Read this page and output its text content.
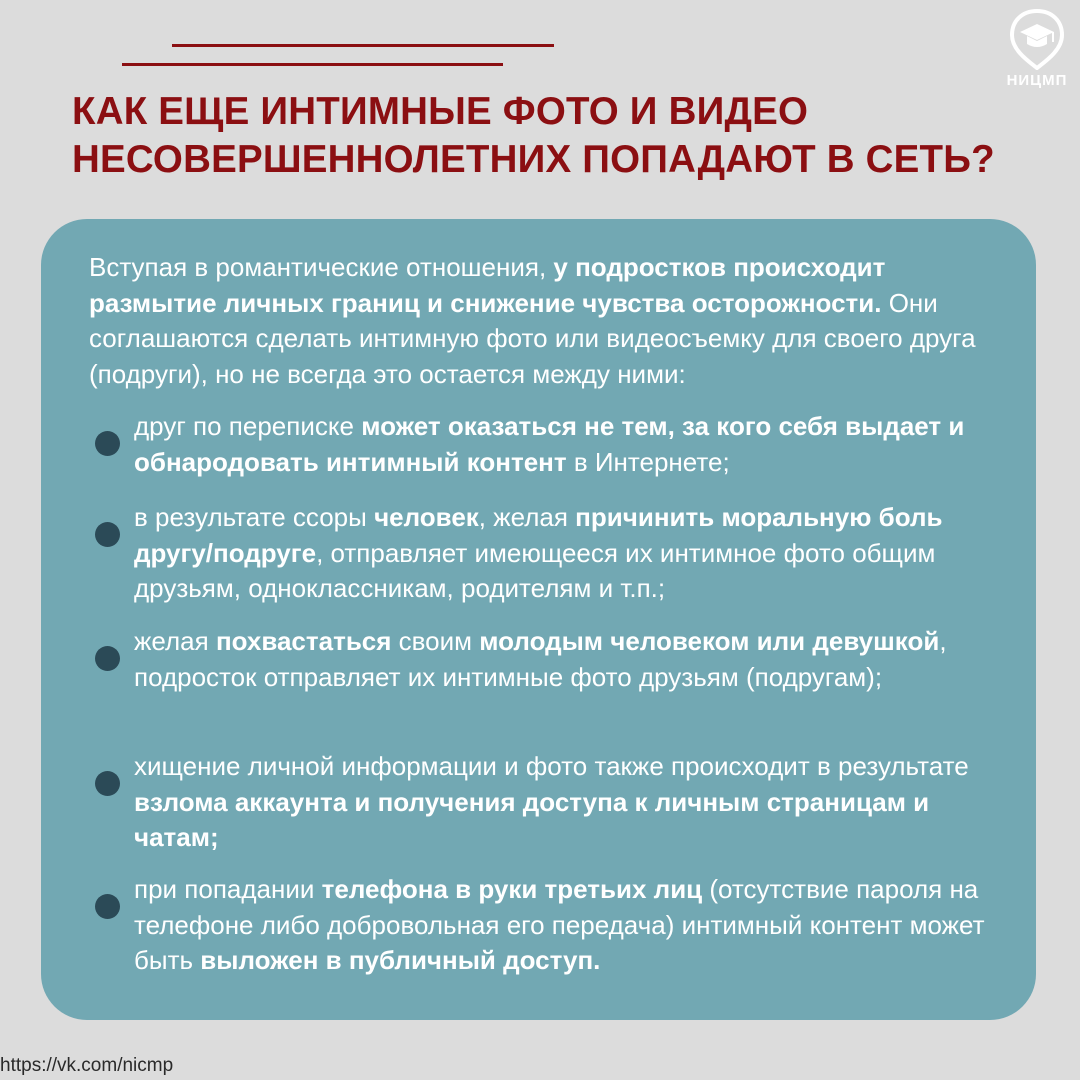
НИЦМП
КАК ЕЩЕ ИНТИМНЫЕ ФОТО И ВИДЕО
НЕСОВЕРШЕННОЛЕТНИХ ПОПАДАЮТ В СЕТЬ?

Вступая в романтические отношения, у подростков происходит размытие личных границ и снижение чувства осторожности. Они соглашаются сделать интимную фото или видеосъемку для своего друга (подруги), но не всегда это остается между ними:

друг по переписке может оказаться не тем, за кого себя выдает и обнародовать интимный контент в Интернете;
в результате ссоры человек, желая причинить моральную боль другу/подруге, отправляет имеющееся их интимное фото общим друзьям, одноклассникам, родителям и т.п.;
желая похвастаться своим молодым человеком или девушкой, подросток отправляет их интимные фото друзьям (подругам);
хищение личной информации и фото также происходит в результате взлома аккаунта и получения доступа к личным страницам и чатам;
при попадании телефона в руки третьих лиц (отсутствие пароля на телефоне либо добровольная его передача) интимный контент может быть выложен в публичный доступ.
https://vk.com/nicmp
